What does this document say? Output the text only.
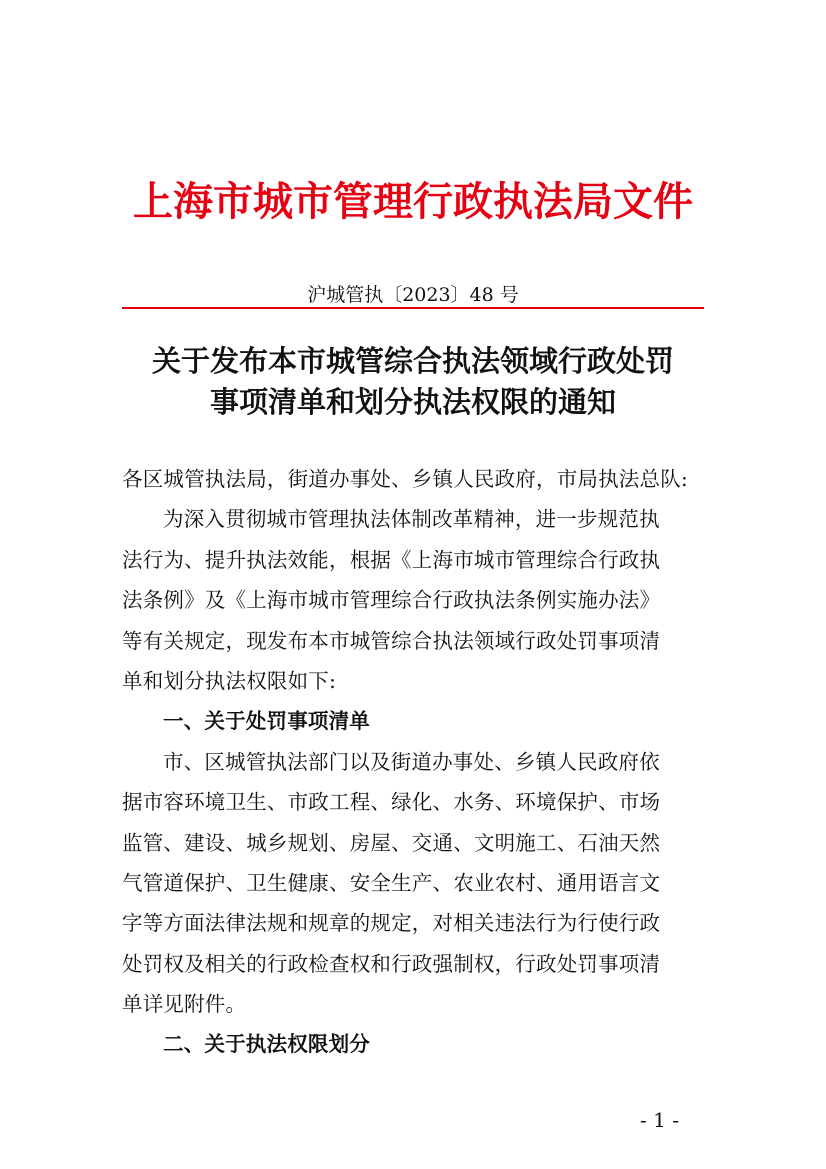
上海市城市管理行政执法局文件
沪城管执〔2023〕48 号
关于发布本市城管综合执法领域行政处罚
事项清单和划分执法权限的通知
各区城管执法局，街道办事处、乡镇人民政府，市局执法总队:
为深入贯彻城市管理执法体制改革精神，进一步规范执
法行为、提升执法效能，根据《上海市城市管理综合行政执
法条例》及《上海市城市管理综合行政执法条例实施办法》
等有关规定，现发布本市城管综合执法领域行政处罚事项清
单和划分执法权限如下:
一、关于处罚事项清单
市、区城管执法部门以及街道办事处、乡镇人民政府依
据市容环境卫生、市政工程、绿化、水务、环境保护、市场
监管、建设、城乡规划、房屋、交通、文明施工、石油天然
气管道保护、卫生健康、安全生产、农业农村、通用语言文
字等方面法律法规和规章的规定，对相关违法行为行使行政
处罚权及相关的行政检查权和行政强制权，行政处罚事项清
单详见附件。
二、关于执法权限划分
- 1 -
